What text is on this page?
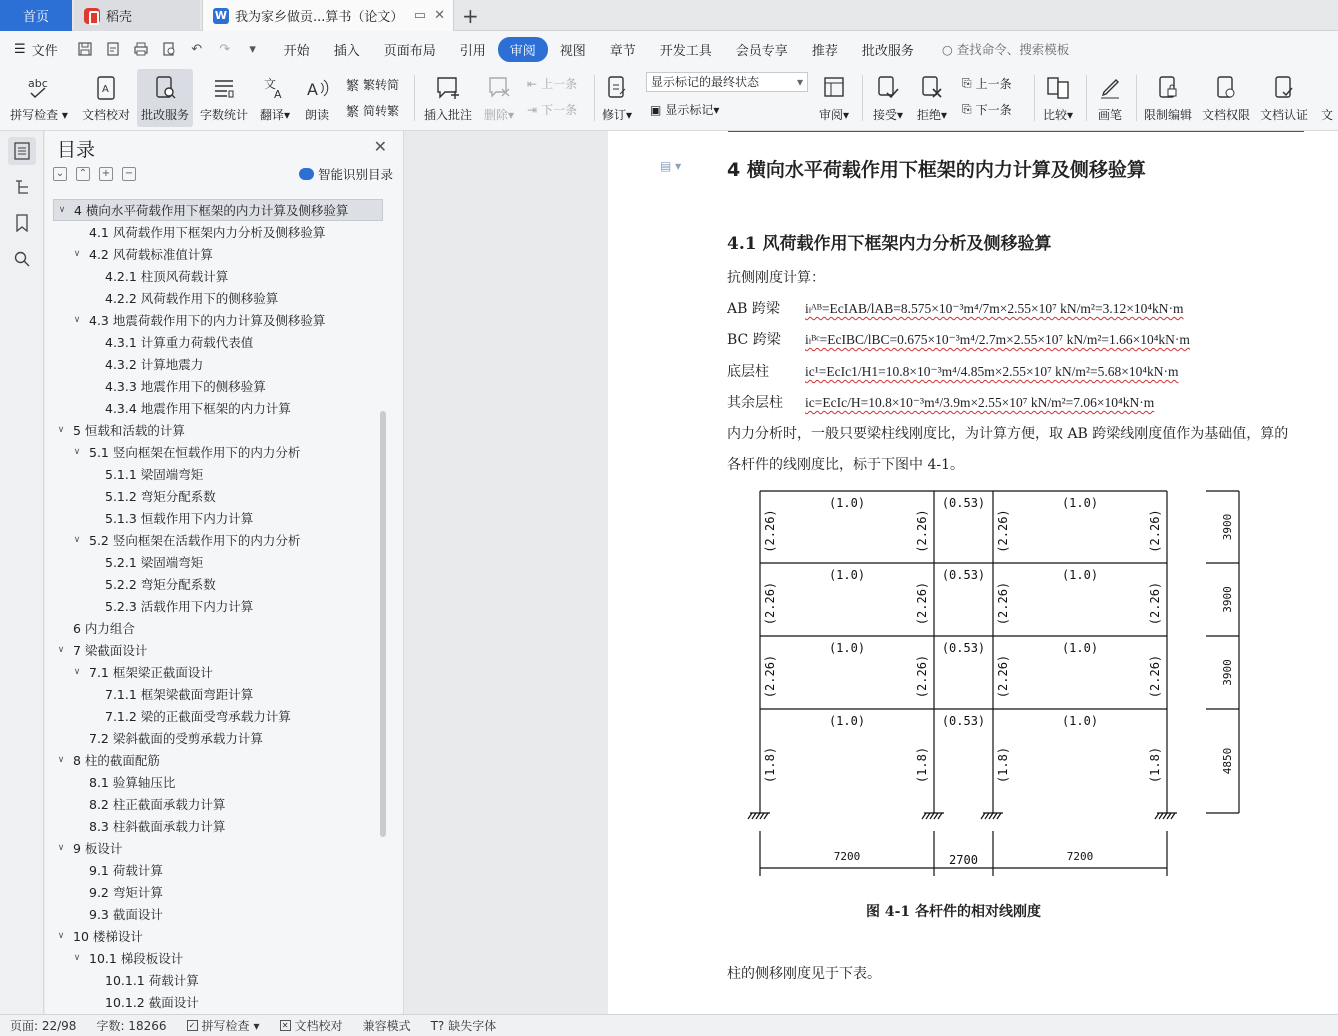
首页	稻壳	W 我为家乡做贡...算书（论文） ▭ ✕ +
☰ 文件	↶	↷	▾	开始	插入	页面布局	引用	审阅	视图	章节	开发工具	会员专享	推荐	批改服务	○ 查找命令、搜索模板
abc
拼写检查 ▾
A
文档校对 批改服务 字数统计
文
A
翻译▾
A
朗读
繁 繁转简
繁 简转繁 插入批注 删除▾
⇤ 上一条
⇥ 下一条 修订▾
显示标记的最终状态 ▾
▣ 显示标记▾	审阅▾ 接受▾ 拒绝▾
⎘ 上一条
⎘ 下一条	比较▾ 画笔 限制编辑 文档权限 文档认证 文
目录	✕
⌄ ⌃ + −	智能识别目录
∨ 4 横向水平荷载作用下框架的内力计算及侧移验算
4.1 风荷载作用下框架内力分析及侧移验算
∨ 4.2 风荷载标准值计算
4.2.1 柱顶风荷载计算
4.2.2 风荷载作用下的侧移验算
∨ 4.3 地震荷载作用下的内力计算及侧移验算
4.3.1 计算重力荷载代表值
4.3.2 计算地震力
4.3.3 地震作用下的侧移验算
4.3.4 地震作用下框架的内力计算
∨ 5 恒载和活载的计算
∨ 5.1 竖向框架在恒载作用下的内力分析
5.1.1 梁固端弯矩
5.1.2 弯矩分配系数
5.1.3 恒载作用下内力计算
∨ 5.2 竖向框架在活载作用下的内力分析
5.2.1 梁固端弯矩
5.2.2 弯矩分配系数
5.2.3 活载作用下内力计算
6 内力组合
∨ 7 梁截面设计
∨ 7.1 框架梁正截面设计
7.1.1 框架梁截面弯距计算
7.1.2 梁的正截面受弯承载力计算
7.2 梁斜截面的受剪承载力计算
∨ 8 柱的截面配筋
8.1 验算轴压比
8.2 柱正截面承载力计算
8.3 柱斜截面承载力计算
∨ 9 板设计
9.1 荷载计算
9.2 弯矩计算
9.3 截面设计
∨ 10 楼梯设计
∨ 10.1 梯段板设计
10.1.1 荷载计算
10.1.2 截面设计
▤ ▾ 4 横向水平荷载作用下框架的内力计算及侧移验算
4.1 风荷载作用下框架内力分析及侧移验算
抗侧刚度计算：
AB 跨梁 iₗᴬᴮ=EcIAB/lAB=8.575×10⁻³m⁴/7m×2.55×10⁷ kN/m²=3.12×10⁴kN·m
BC 跨梁 iₗᴮᶜ=EcIBC/lBC=0.675×10⁻³m⁴/2.7m×2.55×10⁷ kN/m²=1.66×10⁴kN·m
底层柱	ic¹=EcIc1/H1=10.8×10⁻³m⁴/4.85m×2.55×10⁷ kN/m²=5.68×10⁴kN·m
其余层柱 ic=EcIc/H=10.8×10⁻³m⁴/3.9m×2.55×10⁷ kN/m²=7.06×10⁴kN·m
内力分析时，一般只要梁柱线刚度比，为计算方便，取 AB 跨梁线刚度值作为基础值，算的
各杆件的线刚度比，标于下图中 4-1。
(1.0)	(0.53)	(1.0)
(1.0)	(0.53)	(1.0)
(1.0)	(0.53)	(1.0)
(1.0)	(0.53)	(1.0)
(2.26)	(2.26)	(2.26)	(2.26)
(2.26)	(2.26)	(2.26)	(2.26)
(2.26)	(2.26)	(2.26)	(2.26)
(1.8)	(1.8)	(1.8)	(1.8)
3900
3900
3900
4850
7200	2700	7200
图 4-1 各杆件的相对线刚度
柱的侧移刚度见于下表。
页面: 22/98	字数: 18266	✓ 拼写检查 ▾	✕ 文档校对	兼容模式	T? 缺失字体
